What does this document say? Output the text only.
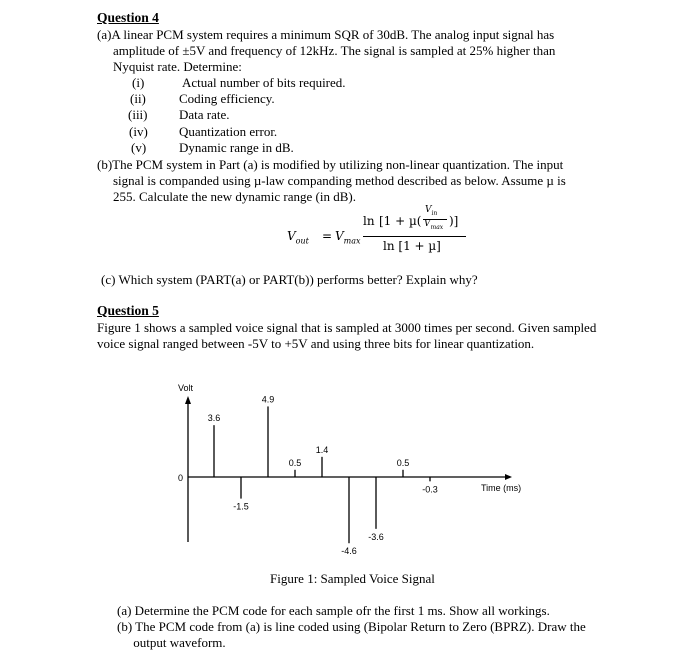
Question 4
(a)A linear PCM system requires a minimum SQR of 30dB. The analog input signal has
amplitude of ±5V and frequency of 12kHz. The signal is sampled at 25% higher than
Nyquist rate. Determine:
(i)	Actual number of bits required.
(ii)	Coding efficiency.
(iii) Data rate.
(iv) Quantization error.
(v)	Dynamic range in dB.
(b)The PCM system in Part (a) is modified by utilizing non-linear quantization. The input
signal is companded using µ-law companding method described as below. Assume µ is
255. Calculate the new dynamic range (in dB).
$V_{out} = V_{max}$
ln [1 + µ(
$V_{in}$
$V_{max}$ )]
ln [1 + µ]
(c) Which system (PART(a) or PART(b)) performs better? Explain why?
Question 5
Figure 1 shows a sampled voice signal that is sampled at 3000 times per second. Given sampled
voice signal ranged between -5V to +5V and using three bits for linear quantization.
Volt
0
Time (ms)
3.6
-1.5
4.9
0.5
1.4
-4.6
-3.6
0.5
-0.3
Figure 1: Sampled Voice Signal
(a) Determine the PCM code for each sample ofr the first 1 ms. Show all workings.
(b) The PCM code from (a) is line coded using (Bipolar Return to Zero (BPRZ). Draw the
output waveform.
